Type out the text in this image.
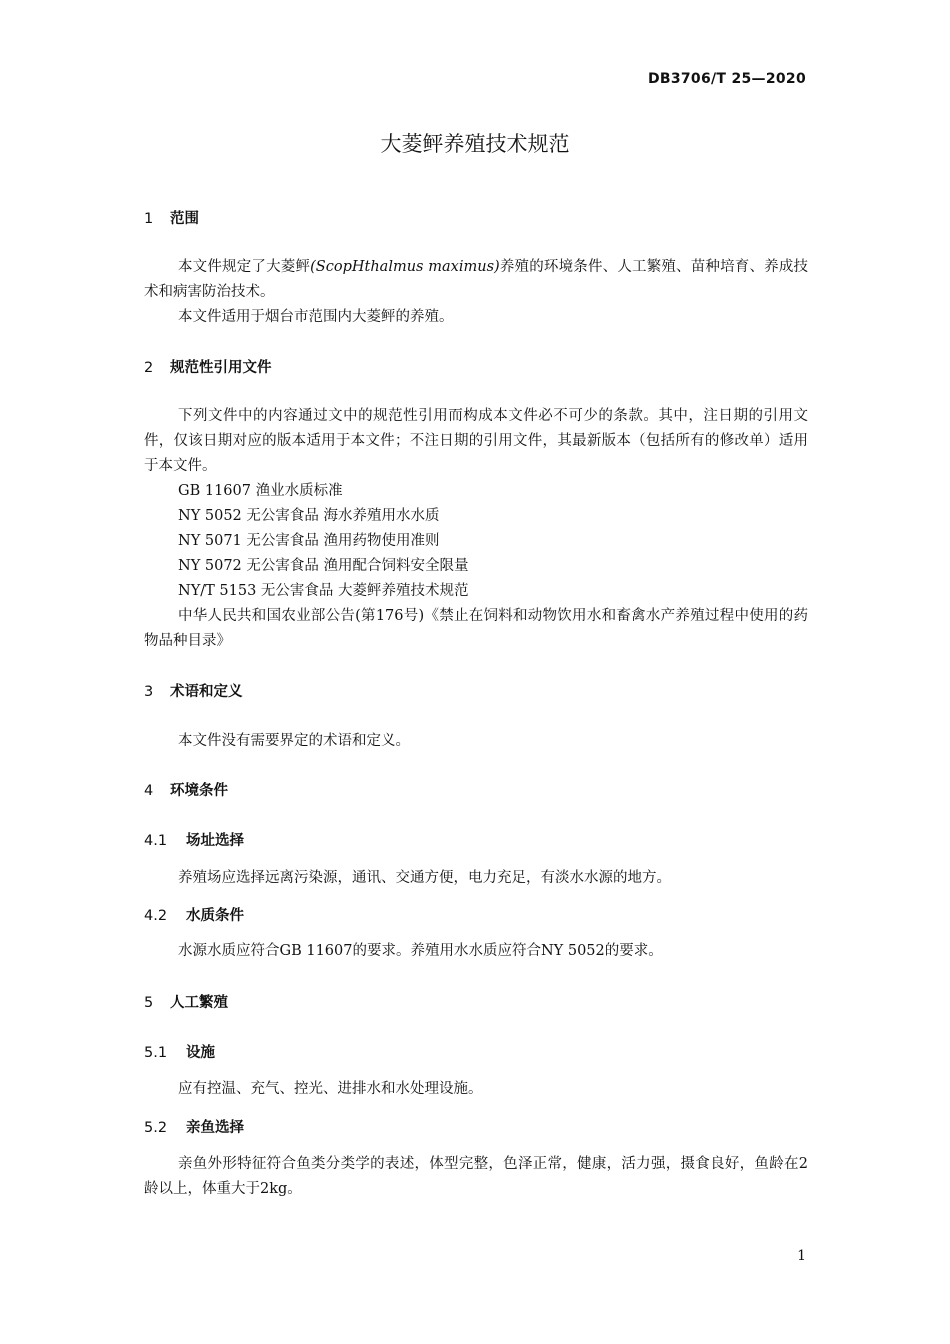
DB3706/T 25—2020
大菱鲆养殖技术规范
1 范围
本文件规定了大菱鲆(ScopHthalmus maximus)养殖的环境条件、人工繁殖、苗种培育、养成技术和病害防治技术。
本文件适用于烟台市范围内大菱鲆的养殖。
2 规范性引用文件
下列文件中的内容通过文中的规范性引用而构成本文件必不可少的条款。其中，注日期的引用文件，仅该日期对应的版本适用于本文件；不注日期的引用文件，其最新版本（包括所有的修改单）适用于本文件。
GB 11607 渔业水质标准
NY 5052 无公害食品 海水养殖用水水质
NY 5071 无公害食品 渔用药物使用准则
NY 5072 无公害食品 渔用配合饲料安全限量
NY/T 5153 无公害食品 大菱鲆养殖技术规范
中华人民共和国农业部公告(第176号)《禁止在饲料和动物饮用水和畜禽水产养殖过程中使用的药物品种目录》
3 术语和定义
本文件没有需要界定的术语和定义。
4 环境条件
4.1 场址选择
养殖场应选择远离污染源，通讯、交通方便，电力充足，有淡水水源的地方。
4.2 水质条件
水源水质应符合GB 11607的要求。养殖用水水质应符合NY 5052的要求。
5 人工繁殖
5.1 设施
应有控温、充气、控光、进排水和水处理设施。
5.2 亲鱼选择
亲鱼外形特征符合鱼类分类学的表述，体型完整，色泽正常，健康，活力强，摄食良好，鱼龄在2龄以上，体重大于2kg。
1
